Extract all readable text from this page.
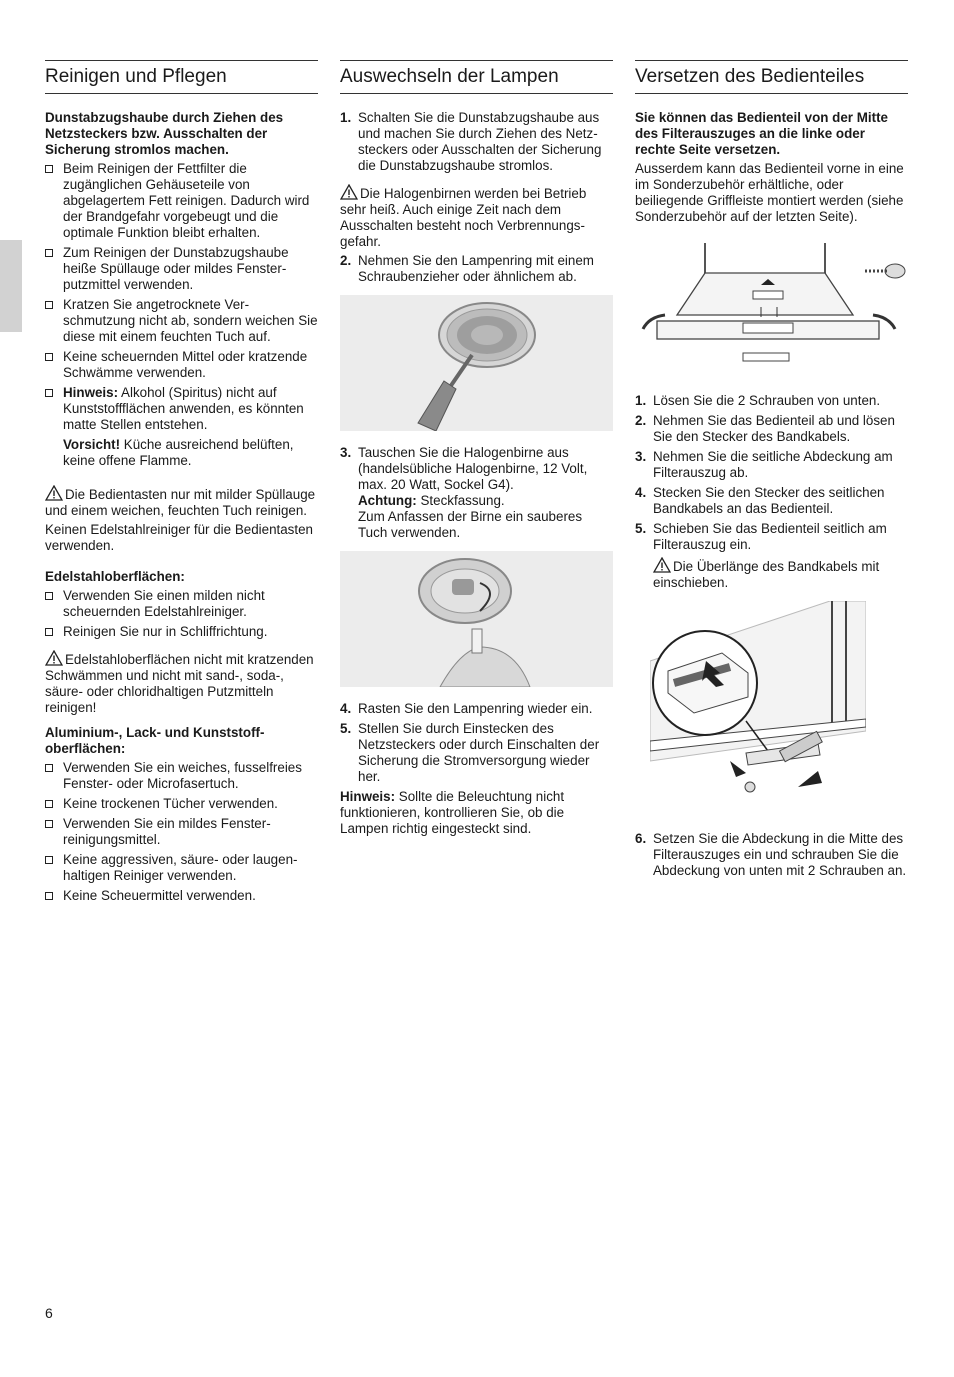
Reinigen und Pflegen

Dunstabzugshaube durch Ziehen des Netzsteckers bzw. Ausschalten der Sicherung stromlos machen.

Beim Reinigen der Fettfilter die zugänglichen Gehäuseteile von abgelagertem Fett reinigen. Dadurch wird der Brandgefahr vorgebeugt und die optimale Funktion bleibt erhalten.
Zum Reinigen der Dunstabzugshaube heiße Spüllauge oder mildes Fenster-putzmittel verwenden.
Kratzen Sie angetrocknete Ver-schmutzung nicht ab, sondern weichen Sie diese mit einem feuchten Tuch auf.
Keine scheuernden Mittel oder kratzende Schwämme verwenden.
Hinweis: Alkohol (Spiritus) nicht auf Kunststoffflächen anwenden, es könnten matte Stellen entstehen.

Vorsicht! Küche ausreichend belüften, keine offene Flamme.

Die Bedientasten nur mit milder Spüllauge und einem weichen, feuchten Tuch reinigen.

Keinen Edelstahlreiniger für die Bedientasten verwenden.

Edelstahloberflächen:

Verwenden Sie einen milden nicht scheuernden Edelstahlreiniger.
Reinigen Sie nur in Schliffrichtung.

Edelstahloberflächen nicht mit kratzenden Schwämmen und nicht mit sand-, soda-, säure- oder chloridhaltigen Putzmitteln reinigen!

Aluminium-, Lack- und Kunststoff-oberflächen:

Verwenden Sie ein weiches, fusselfreies Fenster- oder Microfasertuch.
Keine trockenen Tücher verwenden.
Verwenden Sie ein mildes Fenster-reinigungsmittel.
Keine aggressiven, säure- oder laugen-haltigen Reiniger verwenden.
Keine Scheuermittel verwenden.
Auswechseln der Lampen
1. Schalten Sie die Dunstabzugshaube aus und machen Sie durch Ziehen des Netz-steckers oder Ausschalten der Sicherung die Dunstabzugshaube stromlos.

Die Halogenbirnen werden bei Betrieb sehr heiß. Auch einige Zeit nach dem Ausschalten besteht noch Verbrennungs-gefahr.

2. Nehmen Sie den Lampenring mit einem Schraubenzieher oder ähnlichem ab.
3. Tauschen Sie die Halogenbirne aus (handelsübliche Halogenbirne, 12 Volt, max. 20 Watt, Sockel G4).
Achtung: Steckfassung.
Zum Anfassen der Birne ein sauberes Tuch verwenden.
4. Rasten Sie den Lampenring wieder ein.
5. Stellen Sie durch Einstecken des Netzsteckers oder durch Einschalten der Sicherung die Stromversorgung wieder her.

Hinweis: Sollte die Beleuchtung nicht funktionieren, kontrollieren Sie, ob die Lampen richtig eingesteckt sind.

Versetzen des Bedienteiles

Sie können das Bedienteil von der Mitte des Filterauszuges an die linke oder rechte Seite versetzen.

Ausserdem kann das Bedienteil vorne in eine im Sonderzubehör erhältliche, oder beiliegende Griffleiste montiert werden (siehe Sonderzubehör auf der letzten Seite).

1. Lösen Sie die 2 Schrauben von unten.
2. Nehmen Sie das Bedienteil ab und lösen Sie den Stecker des Bandkabels.
3. Nehmen Sie die seitliche Abdeckung am Filterauszug ab.
4. Stecken Sie den Stecker des seitlichen Bandkabels an das Bedienteil.
5. Schieben Sie das Bedienteil seitlich am Filterauszug ein.

Die Überlänge des Bandkabels mit einschieben.

6. Setzen Sie die Abdeckung in die Mitte des Filterauszuges ein und schrauben Sie die Abdeckung von unten mit 2 Schrauben an.
6
